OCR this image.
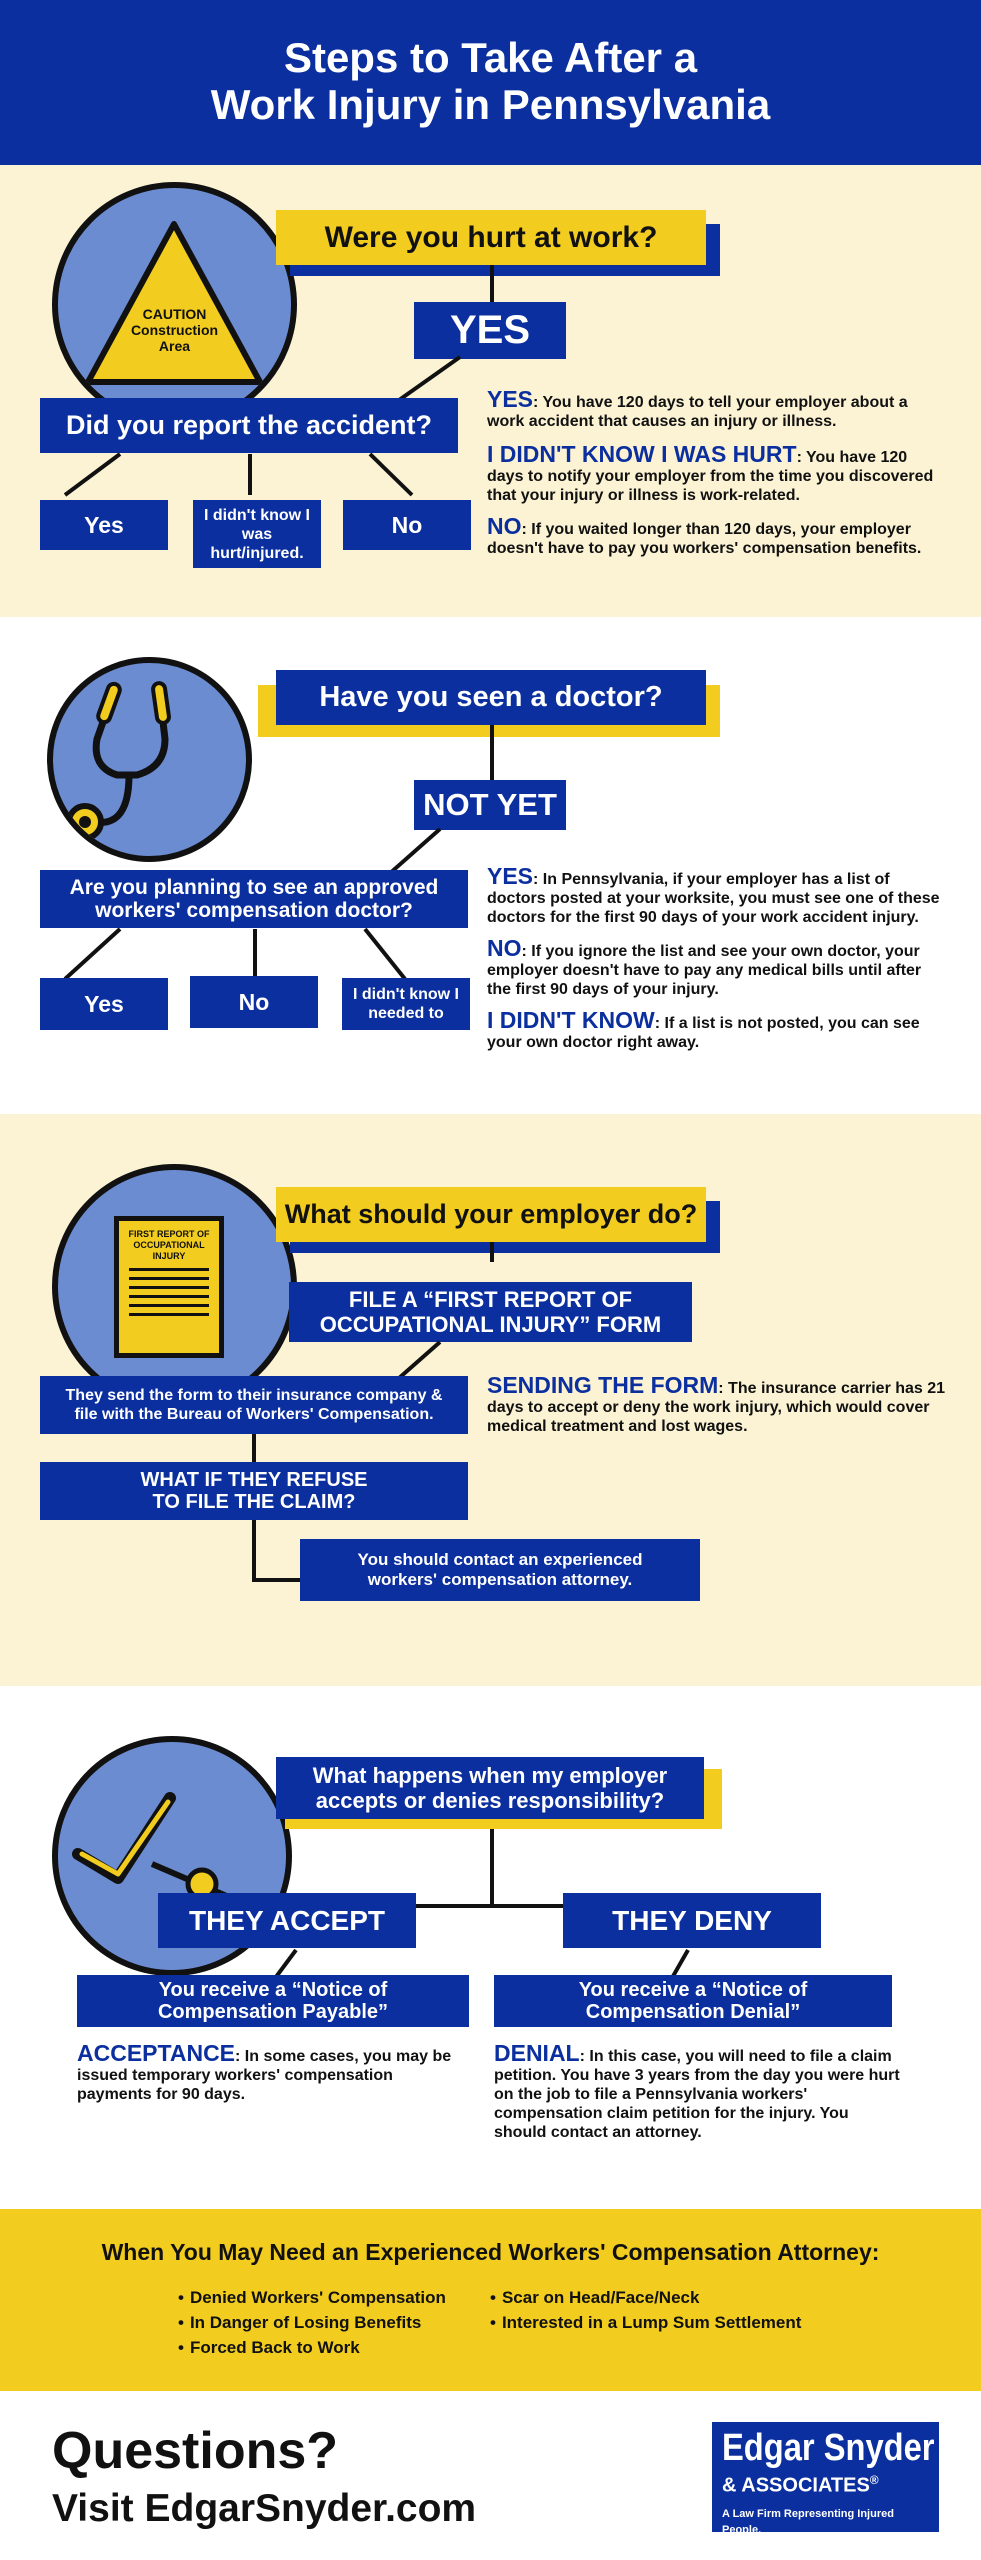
Steps to Take After a
Work Injury in Pennsylvania
CAUTION
Construction
Area
Were you hurt at work?
YES
Did you report the accident?
Yes	I didn't know I was hurt/injured.
No
YES: You have 120 days to tell your employer about a work accident that causes an injury or illness.
I DIDN'T KNOW I WAS HURT: You have 120 days to notify your employer from the time you discovered that your injury or illness is work-related.
NO: If you waited longer than 120 days, your employer doesn't have to pay you workers' compensation benefits.
Have you seen a doctor?
NOT YET
Are you planning to see an approved workers' compensation doctor?
Yes	No	I didn't know I needed to
YES: In Pennsylvania, if your employer has a list of doctors posted at your worksite, you must see one of these doctors for the first 90 days of your work accident injury.
NO: If you ignore the list and see your own doctor, your employer doesn't have to pay any medical bills until after the first 90 days of your injury.
I DIDN'T KNOW: If a list is not posted, you can see your own doctor right away.
FIRST REPORT OF OCCUPATIONAL INJURY
What should your employer do?
FILE A “FIRST REPORT OF OCCUPATIONAL INJURY” FORM
They send the form to their insurance company & file with the Bureau of Workers' Compensation.
WHAT IF THEY REFUSE TO FILE THE CLAIM?
You should contact an experienced workers' compensation attorney.
SENDING THE FORM: The insurance carrier has 21 days to accept or deny the work injury, which would cover medical treatment and lost wages.
What happens when my employer accepts or denies responsibility?
THEY ACCEPT	THEY DENY
You receive a “Notice of Compensation Payable”
You receive a “Notice of Compensation Denial”
ACCEPTANCE: In some cases, you may be issued temporary workers' compensation payments for 90 days.
DENIAL: In this case, you will need to file a claim petition. You have 3 years from the day you were hurt on the job to file a Pennsylvania workers' compensation claim petition for the injury. You should contact an attorney.
When You May Need an Experienced Workers' Compensation Attorney:
• Denied Workers' Compensation
• In Danger of Losing Benefits
• Forced Back to Work
• Scar on Head/Face/Neck
• Interested in a Lump Sum Settlement
Questions?
Visit EdgarSnyder.com
Edgar Snyder
& ASSOCIATES®
A Law Firm Representing Injured People.
